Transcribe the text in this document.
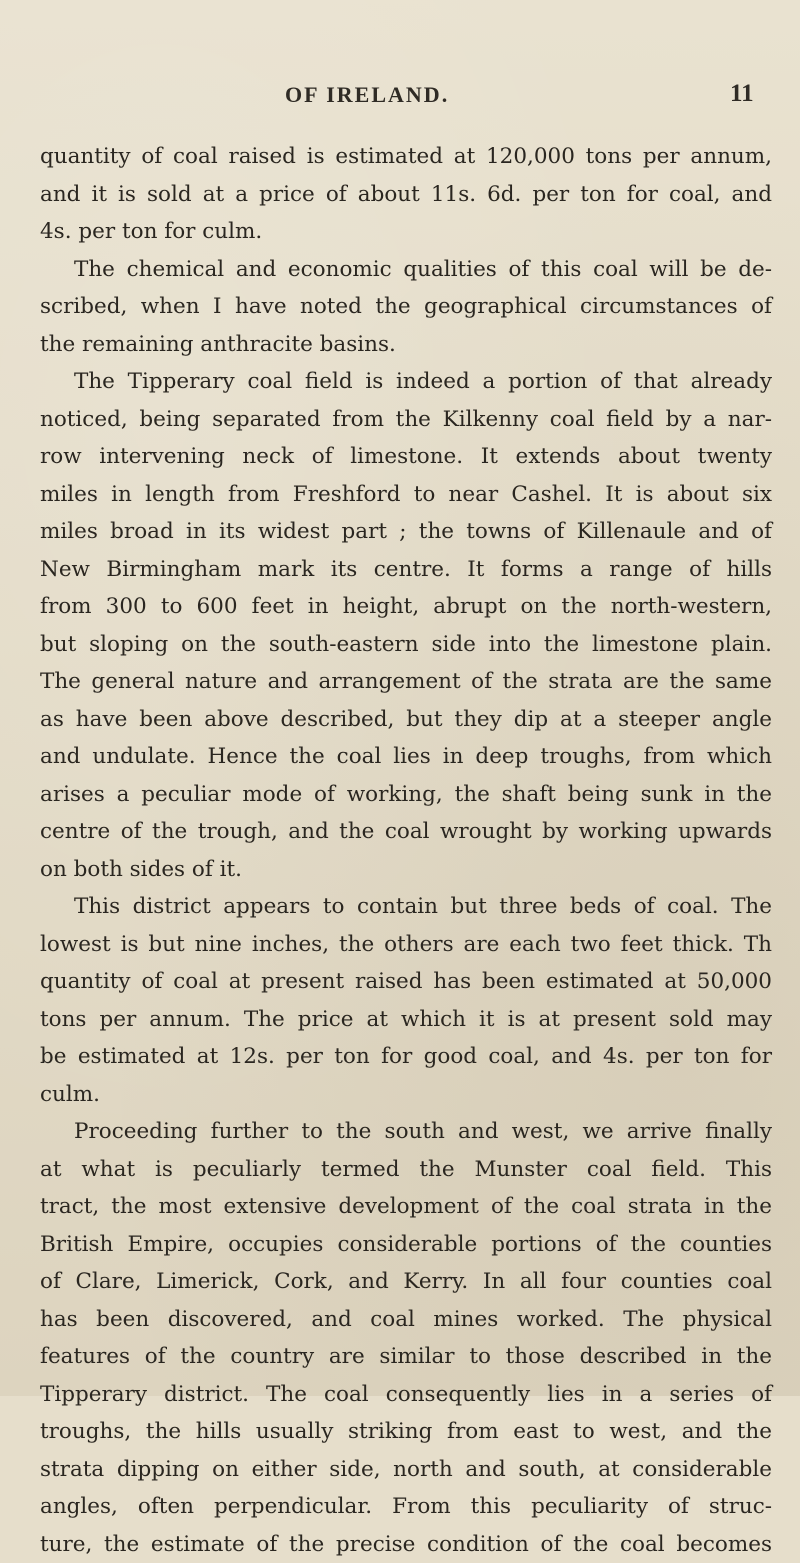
OF IRELAND.	11
quantity of coal raised is estimated at 120,000 tons per annum,
and it is sold at a price of about 11s. 6d. per ton for coal, and
4s. per ton for culm.
The chemical and economic qualities of this coal will be de-
scribed, when I have noted the geographical circumstances of
the remaining anthracite basins.
The Tipperary coal field is indeed a portion of that already
noticed, being separated from the Kilkenny coal field by a nar-
row intervening neck of limestone. It extends about twenty
miles in length from Freshford to near Cashel. It is about six
miles broad in its widest part ; the towns of Killenaule and of
New Birmingham mark its centre. It forms a range of hills
from 300 to 600 feet in height, abrupt on the north-western,
but sloping on the south-eastern side into the limestone plain.
The general nature and arrangement of the strata are the same
as have been above described, but they dip at a steeper angle
and undulate. Hence the coal lies in deep troughs, from which
arises a peculiar mode of working, the shaft being sunk in the
centre of the trough, and the coal wrought by working upwards
on both sides of it.
This district appears to contain but three beds of coal. The
lowest is but nine inches, the others are each two feet thick. Th
quantity of coal at present raised has been estimated at 50,000
tons per annum. The price at which it is at present sold may
be estimated at 12s. per ton for good coal, and 4s. per ton for
culm.
Proceeding further to the south and west, we arrive finally
at what is peculiarly termed the Munster coal field. This
tract, the most extensive development of the coal strata in the
British Empire, occupies considerable portions of the counties
of Clare, Limerick, Cork, and Kerry. In all four counties coal
has been discovered, and coal mines worked. The physical
features of the country are similar to those described in the
Tipperary district. The coal consequently lies in a series of
troughs, the hills usually striking from east to west, and the
strata dipping on either side, north and south, at considerable
angles, often perpendicular. From this peculiarity of struc-
ture, the estimate of the precise condition of the coal becomes
